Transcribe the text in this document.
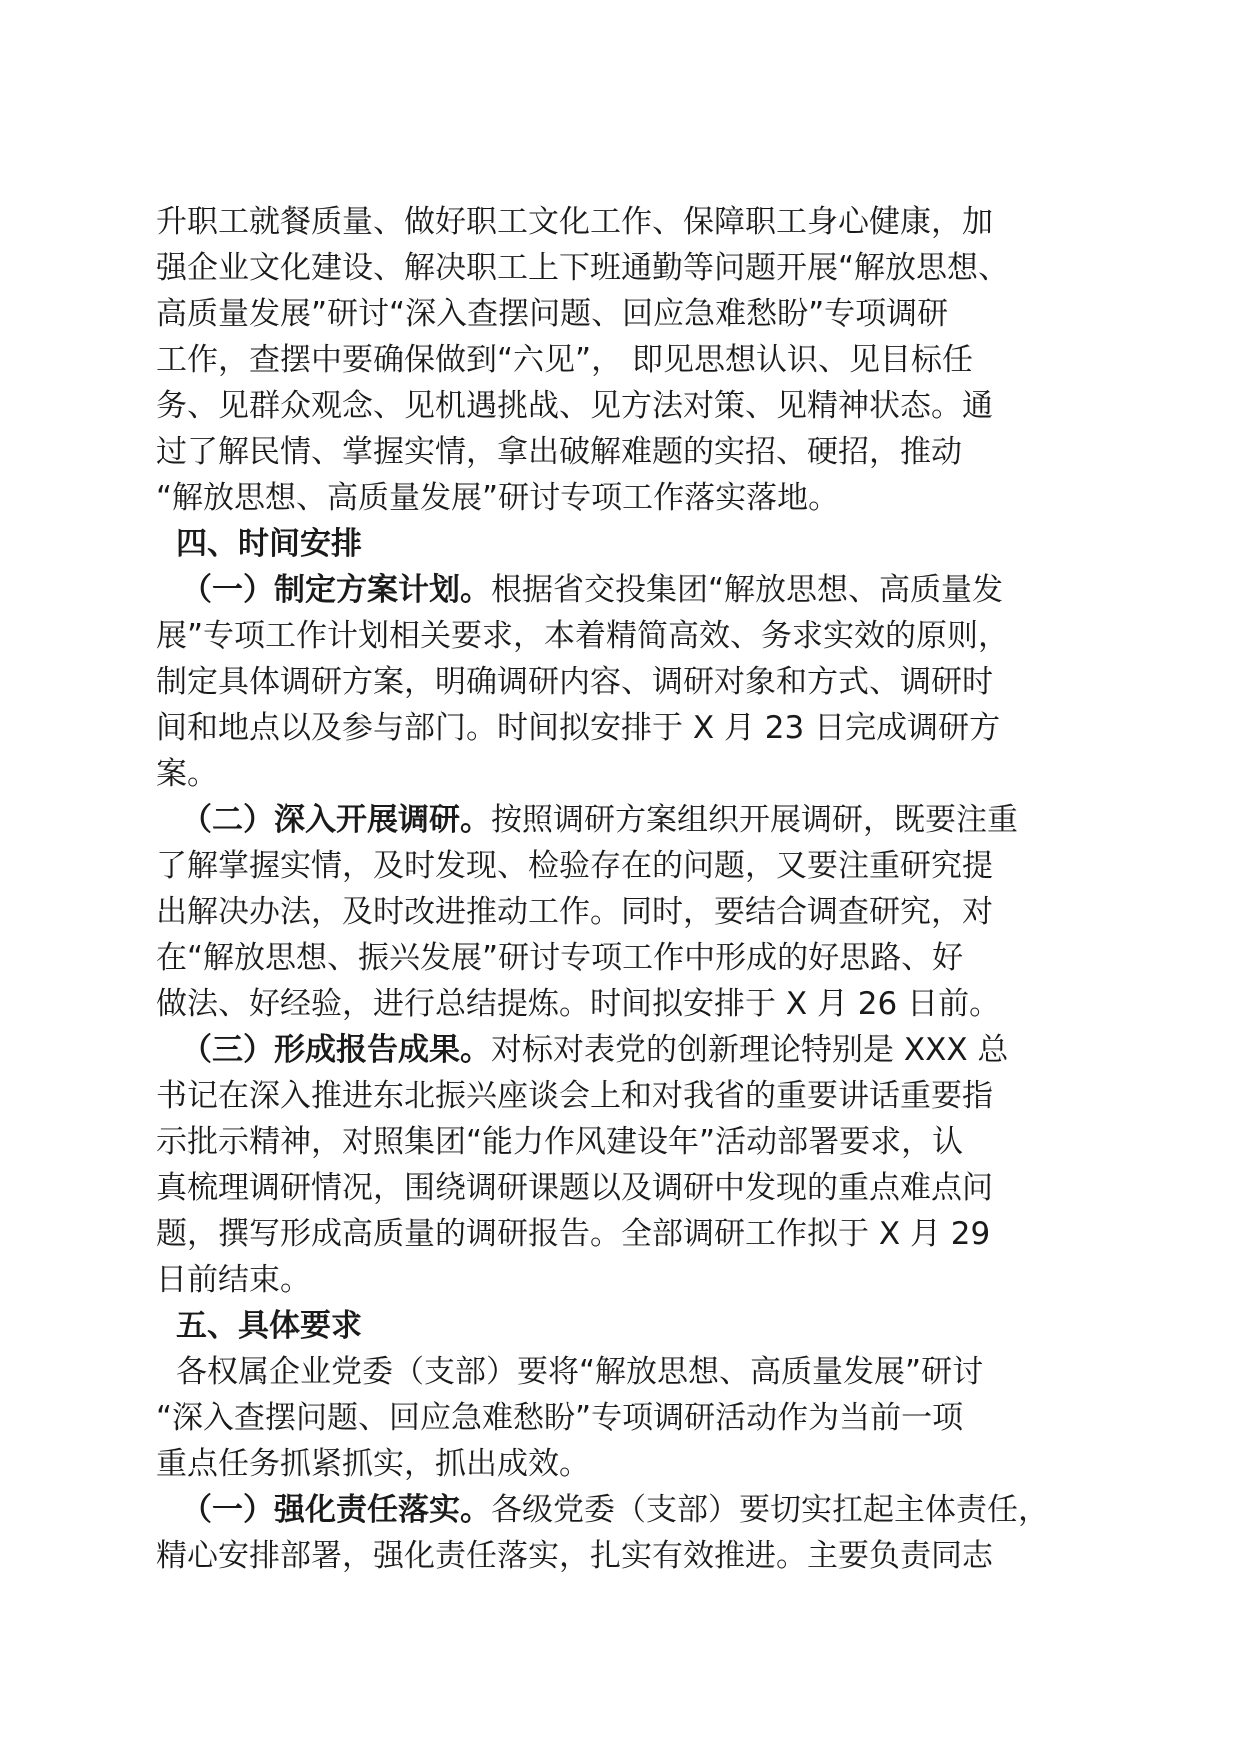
升职工就餐质量、做好职工文化工作、保障职工身心健康，加
强企业文化建设、解决职工上下班通勤等问题开展“解放思想、
高质量发展”研讨“深入查摆问题、回应急难愁盼”专项调研
工作，查摆中要确保做到“六见”， 即见思想认识、见目标任
务、见群众观念、见机遇挑战、见方法对策、见精神状态。通
过了解民情、掌握实情，拿出破解难题的实招、硬招，推动
“解放思想、高质量发展”研讨专项工作落实落地。
四、时间安排
（一）制定方案计划。根据省交投集团“解放思想、高质量发
展”专项工作计划相关要求，本着精简高效、务求实效的原则，
制定具体调研方案，明确调研内容、调研对象和方式、调研时
间和地点以及参与部门。时间拟安排于 X 月 23 日完成调研方
案。
（二）深入开展调研。按照调研方案组织开展调研，既要注重
了解掌握实情，及时发现、检验存在的问题，又要注重研究提
出解决办法，及时改进推动工作。同时，要结合调查研究，对
在“解放思想、振兴发展”研讨专项工作中形成的好思路、好
做法、好经验，进行总结提炼。时间拟安排于 X 月 26 日前。
（三）形成报告成果。对标对表党的创新理论特别是 XXX 总
书记在深入推进东北振兴座谈会上和对我省的重要讲话重要指
示批示精神，对照集团“能力作风建设年”活动部署要求，认
真梳理调研情况，围绕调研课题以及调研中发现的重点难点问
题，撰写形成高质量的调研报告。全部调研工作拟于 X 月 29
日前结束。
五、具体要求
各权属企业党委（支部）要将“解放思想、高质量发展”研讨
“深入查摆问题、回应急难愁盼”专项调研活动作为当前一项
重点任务抓紧抓实，抓出成效。
（一）强化责任落实。各级党委（支部）要切实扛起主体责任，
精心安排部署，强化责任落实，扎实有效推进。主要负责同志
